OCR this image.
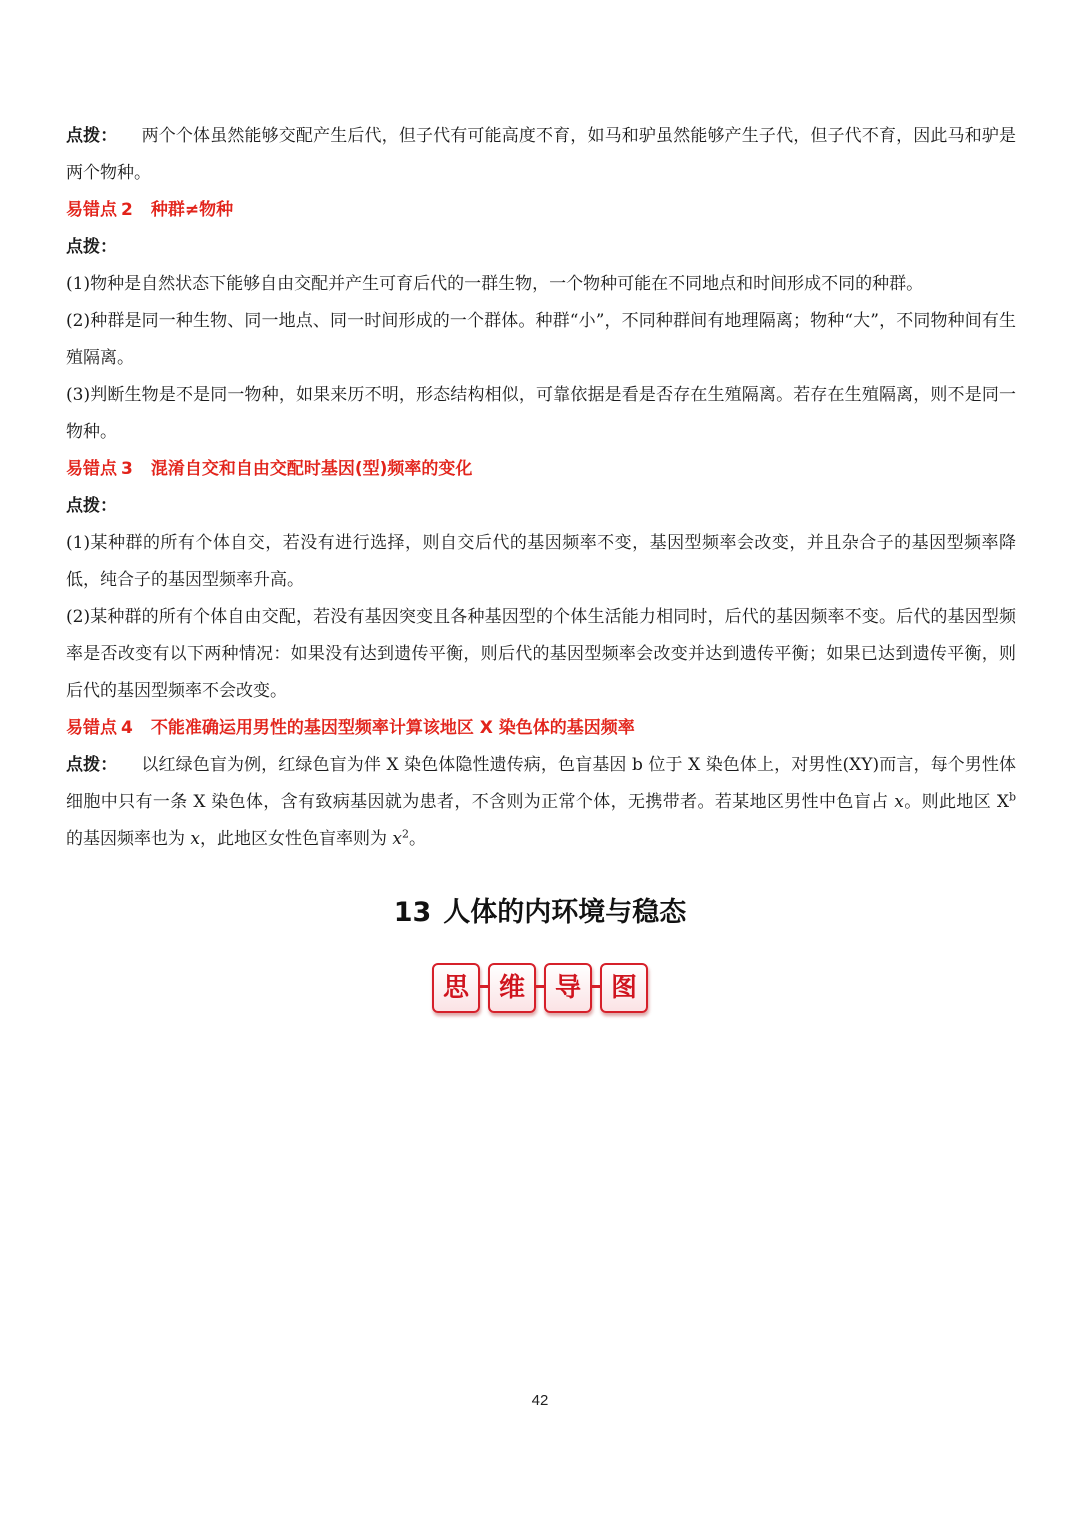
点拨： 两个个体虽然能够交配产生后代，但子代有可能高度不育，如马和驴虽然能够产生子代，但子代不育，因此马和驴是两个物种。

易错点 2 种群≠物种

点拨：

(1)物种是自然状态下能够自由交配并产生可育后代的一群生物，一个物种可能在不同地点和时间形成不同的种群。

(2)种群是同一种生物、同一地点、同一时间形成的一个群体。种群“小”，不同种群间有地理隔离；物种“大”，不同物种间有生殖隔离。

(3)判断生物是不是同一物种，如果来历不明，形态结构相似，可靠依据是看是否存在生殖隔离。若存在生殖隔离，则不是同一物种。

易错点 3 混淆自交和自由交配时基因(型)频率的变化

点拨：

(1)某种群的所有个体自交，若没有进行选择，则自交后代的基因频率不变，基因型频率会改变，并且杂合子的基因型频率降低，纯合子的基因型频率升高。

(2)某种群的所有个体自由交配，若没有基因突变且各种基因型的个体生活能力相同时，后代的基因频率不变。后代的基因型频率是否改变有以下两种情况：如果没有达到遗传平衡，则后代的基因型频率会改变并达到遗传平衡；如果已达到遗传平衡，则后代的基因型频率不会改变。

易错点 4 不能准确运用男性的基因型频率计算该地区 X 染色体的基因频率

点拨： 以红绿色盲为例，红绿色盲为伴 X 染色体隐性遗传病，色盲基因 b 位于 X 染色体上，对男性(XY)而言，每个男性体细胞中只有一条 X 染色体，含有致病基因就为患者，不含则为正常个体，无携带者。若某地区男性中色盲占 x。则此地区 $X^b$ 的基因频率也为 x，此地区女性色盲率则为 $x^2$。

13 人体的内环境与稳态
思	维	导	图
42
